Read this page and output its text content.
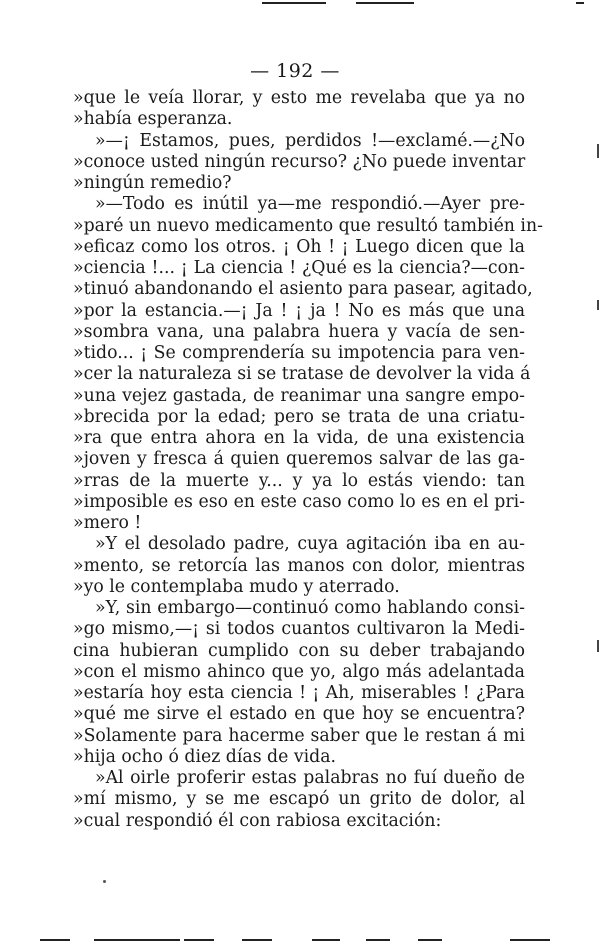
— 192 —
»que le veía llorar, y esto me revelaba que ya no
»había esperanza.
»—¡ Estamos, pues, perdidos !—exclamé.—¿No
»conoce usted ningún recurso? ¿No puede inventar
»ningún remedio?
»—Todo es inútil ya—me respondió.—Ayer pre-
»paré un nuevo medicamento que resultó también in-
»eficaz como los otros. ¡ Oh ! ¡ Luego dicen que la
»ciencia !... ¡ La ciencia ! ¿Qué es la ciencia?—con-
»tinuó abandonando el asiento para pasear, agitado,
»por la estancia.—¡ Ja ! ¡ ja ! No es más que una
»sombra vana, una palabra huera y vacía de sen-
»tido... ¡ Se comprendería su impotencia para ven-
»cer la naturaleza si se tratase de devolver la vida á
»una vejez gastada, de reanimar una sangre empo-
»brecida por la edad; pero se trata de una criatu-
»ra que entra ahora en la vida, de una existencia
»joven y fresca á quien queremos salvar de las ga-
»rras de la muerte y... y ya lo estás viendo: tan
»imposible es eso en este caso como lo es en el pri-
»mero !
»Y el desolado padre, cuya agitación iba en au-
»mento, se retorcía las manos con dolor, mientras
»yo le contemplaba mudo y aterrado.
»Y, sin embargo—continuó como hablando consi-
»go mismo,—¡ si todos cuantos cultivaron la Medi-
cina hubieran cumplido con su deber trabajando
»con el mismo ahinco que yo, algo más adelantada
»estaría hoy esta ciencia ! ¡ Ah, miserables ! ¿Para
»qué me sirve el estado en que hoy se encuentra?
»Solamente para hacerme saber que le restan á mi
»hija ocho ó diez días de vida.
»Al oirle proferir estas palabras no fuí dueño de
»mí mismo, y se me escapó un grito de dolor, al
»cual respondió él con rabiosa excitación:
